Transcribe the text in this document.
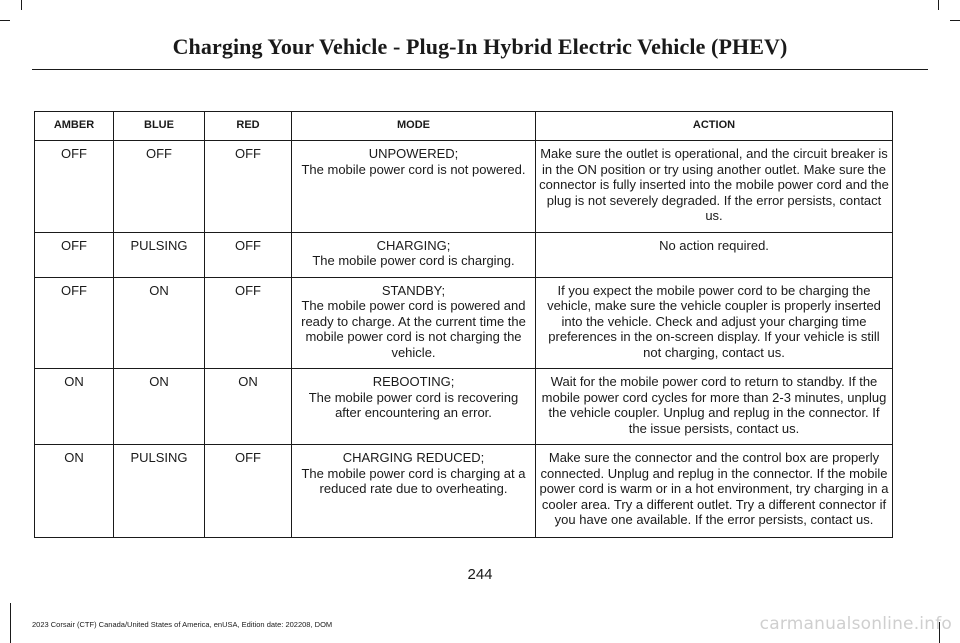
Charging Your Vehicle - Plug-In Hybrid Electric Vehicle (PHEV)
AMBER	BLUE	RED	MODE	ACTION
OFF	OFF	OFF	UNPOWERED;
The mobile power cord is not powered.	Make sure the outlet is operational, and the circuit breaker is in the ON position or try using another outlet. Make sure the connector is fully inserted into the mobile power cord and the plug is not severely degraded. If the error persists, contact us.

OFF	PULSING	OFF	CHARGING;
The mobile power cord is charging.	No action required.

OFF	ON	OFF	STANDBY;
The mobile power cord is powered and ready to charge. At the current time the mobile power cord is not charging the vehicle.	If you expect the mobile power cord to be charging the vehicle, make sure the vehicle coupler is properly inserted into the vehicle. Check and adjust your charging time preferences in the on-screen display. If your vehicle is still not charging, contact us.

ON	ON	ON	REBOOTING;
The mobile power cord is recovering after encountering an error.	Wait for the mobile power cord to return to standby. If the mobile power cord cycles for more than 2-3 minutes, unplug the vehicle coupler. Unplug and replug in the connector. If the issue persists, contact us.

ON	PULSING	OFF	CHARGING REDUCED;
The mobile power cord is charging at a reduced rate due to overheating.	Make sure the connector and the control box are properly connected. Unplug and replug in the connector. If the mobile power cord is warm or in a hot environment, try charging in a cooler area. Try a different outlet. Try a different connector if you have one available. If the error persists, contact us.
244
2023 Corsair (CTF) Canada/United States of America, enUSA, Edition date: 202208, DOM	carmanualsonline.info
